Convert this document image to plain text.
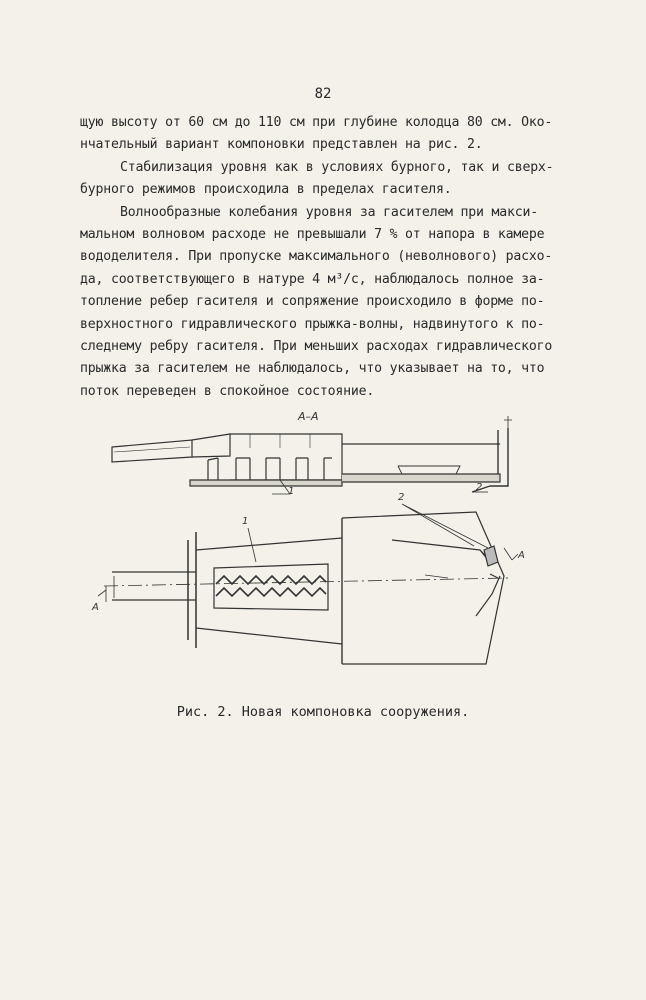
82
щую высоту от 60 см до 110 см при глубине колодца 80 см. Око-
нчательный вариант компоновки представлен на рис. 2.
Стабилизация уровня как в условиях бурного, так и сверх-
бурного режимов происходила в пределах гасителя.
Волнообразные колебания уровня за гасителем при макси-
мальном волновом расходе не превышали 7 % от напора в камере
вододелителя. При пропуске максимального (неволнового) расхо-
да, соответствующего в натуре 4 м³/с, наблюдалось полное за-
топление ребер гасителя и сопряжение происходило в форме по-
верхностного гидравлического прыжка-волны, надвинутого к по-
следнему ребру гасителя. При меньших расходах гидравлического
прыжка за гасителем не наблюдалось, что указывает на то, что
поток переведен в спокойное состояние.
А–А
1	2
1
2
А
А
Рис. 2. Новая компоновка сооружения.
